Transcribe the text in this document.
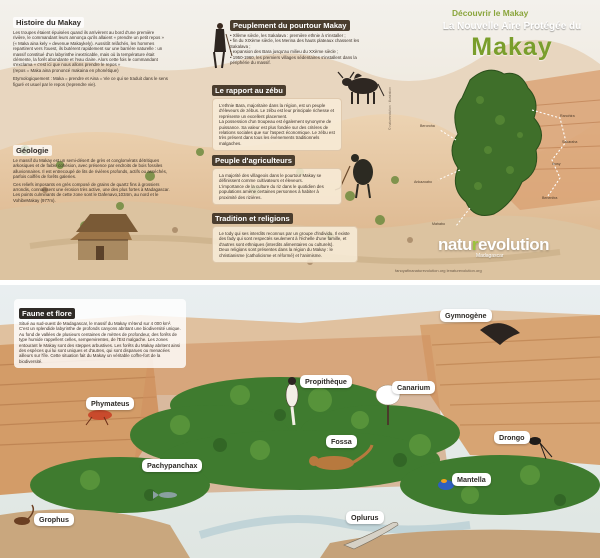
Histoire du Makay

Les troupes étaient épuisées quand ils arrivèrent au bord d'une première rivière, le commandant leurs annonça qu'ils allaient « prendre un petit repos » (« Maka aina kely » devenue Makaykely). Aussitôt relâchés, les hommes repartirent vers l'ouest, ils butèrent rapidement sur une barrière naturelle : un massif constitué d'un labyrinthe inextricable, mais où la température était clémente, la forêt abondante et l'eau claire. Alors cette fois le commandant s'exclama « c'est ici que nous allons prendre le repos »

(repos = Maka aina prononcé makaina en phonétique)

Etymologiquement : Maka = prendre et Aina = Vie ce qui se traduit dans le sens figuré et usuel par le repos (reprendre vie).

Géologie

Le massif du Makay est un semi-désert de grès et conglomérats détritiques arkosiques et de faible cohésion, avec présence par endroits de bois fossiles alluvionnaires. Il est entrecoupé de lits de rivières profonds, actifs ou asséchés, parfois coiffés de forêts galeries.

Ces reliefs imposants en grès composé de grains de quartz fins à grossiers arrondis, connaissent une érosion très active, une des plus fortes à Madagascar. Les points culminants de cette zone sont le Dafenavo,1034m, au nord et le VohibeMakay (977m).

Peuplement du pourtour Makay

• Xllème siècle, les Sakalava : première ethnie à s'installer ;

• fin du XIXème siècle, les Merina des hauts plateaux chassent les Sakalava ;

• expansion des Bara jusqu'au milieu du XXème siècle ;

• 1950-1960, les premiers villages sédentaires s'installent dans la périphérie du massif.

Le rapport au zébu

L'ethnie Bara, majoritaire dans la région, est un peuple d'éleveurs de zébus. Le zébu est leur principale richesse et représente un excellent placement.

La possession d'un troupeau est également synonyme de puissance. Sa valeur est plus fondée sur des critères de relations sociales que sur l'aspect économique. Le zébu est très présent dans tous les événements traditionnels malgaches.

Peuple d'agriculteurs

La majorité des villageois dans le pourtour Makay se définissent comme cultivateurs et éleveurs.

L'importance de la culture du riz dans le quotidien des populations amène certaines personnes à habiter à proximité des rizières.

Tradition et religions

Le tody qui ses interdits reconnus par un groupe d'individu. Il existe des fady qui sont respectés seulement à l'échelle d'une famille, et d'autres sont ethniques (interdits alimentaires ou culturels).

Deux religions sont présentes dans la région du Makay : le christianisme (catholicisme et réformé) et l'animisme.

Découvrir le Makay
La Nouvelle Aire Protégée du
Makay
Ranohira
Beroroha
Sakaraha
Ihosy
Ankazoabo
Benenitra
Mahabo
© naturevolution · illustration
naturevolution
Madagascar
fanoyafinanaturevolution.org lenaturevolution.org
Faune et flore

Situé au sud-ouest de Madagascar, le massif du Makay s'étend sur 4 000 km². C'est un splendide labyrinthe de profonds canyons abritant une biodiversité unique. Au fond de vallées de plusieurs centaines de mètres de profondeur, des forêts de type humide rappellent celles, sempervirentes, de l'Est malgache. Les zones entourant le Makay sont des steppes arbustives. Les forêts du Makay abritent ainsi des espèces qui lui sont uniques et d'autres, qui sont disparues ou menacées ailleurs sur l'île. Cette situation fait du Makay un véritable coffre-fort de la biodiversité.

Gymnogène
Phymateus
Propithèque
Canarium
Pachypanchax
Fossa	Drongo
Mantella
Grophus	Oplurus
